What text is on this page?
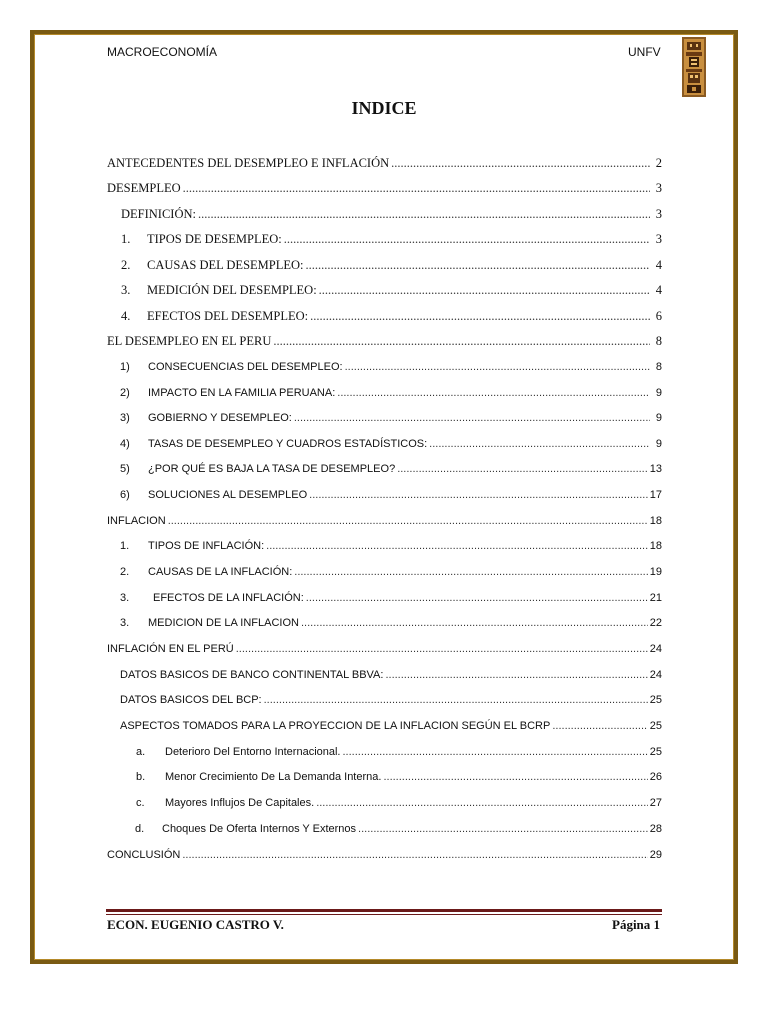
MACROECONOMÍA	UNFV
INDICE
ANTECEDENTES DEL DESEMPLEO E INFLACIÓN .....	2
DESEMPLEO .....	3
DEFINICIÓN: .....	3
1.	TIPOS DE DESEMPLEO: .....	3
2.	CAUSAS DEL DESEMPLEO: .....	4
3.	MEDICIÓN DEL DESEMPLEO: .....	4
4.	EFECTOS DEL DESEMPLEO: .....	6
EL DESEMPLEO EN EL PERU .....	8
1)	CONSECUENCIAS DEL DESEMPLEO: .....	8
2)	IMPACTO EN LA FAMILIA PERUANA: .....	9
3)	GOBIERNO Y DESEMPLEO: .....	9
4)	TASAS DE DESEMPLEO Y CUADROS ESTADÍSTICOS: .....	9
5)	¿POR QUÉ ES BAJA LA TASA DE DESEMPLEO? .....	13
6)	SOLUCIONES AL DESEMPLEO .....	17
INFLACION .....	18
1.	TIPOS DE INFLACIÓN: .....	18
2.	CAUSAS DE LA INFLACIÓN: .....	19
3.	EFECTOS DE LA INFLACIÓN: .....	21
3.	MEDICION DE LA INFLACION .....	22
INFLACIÓN EN EL PERÚ .....	24
DATOS BASICOS DE BANCO CONTINENTAL BBVA: .....	24
DATOS BASICOS DEL BCP: .....	25
ASPECTOS TOMADOS PARA LA PROYECCION DE LA INFLACION SEGÚN EL BCRP .....	25
a.	Deterioro Del Entorno Internacional. .....	25
b.	Menor Crecimiento De La Demanda Interna. .....	26
c.	Mayores Influjos De Capitales. .....	27
d.	Choques De Oferta Internos Y Externos .....	28
CONCLUSIÓN .....	29
ECON. EUGENIO CASTRO V.	Página 1
